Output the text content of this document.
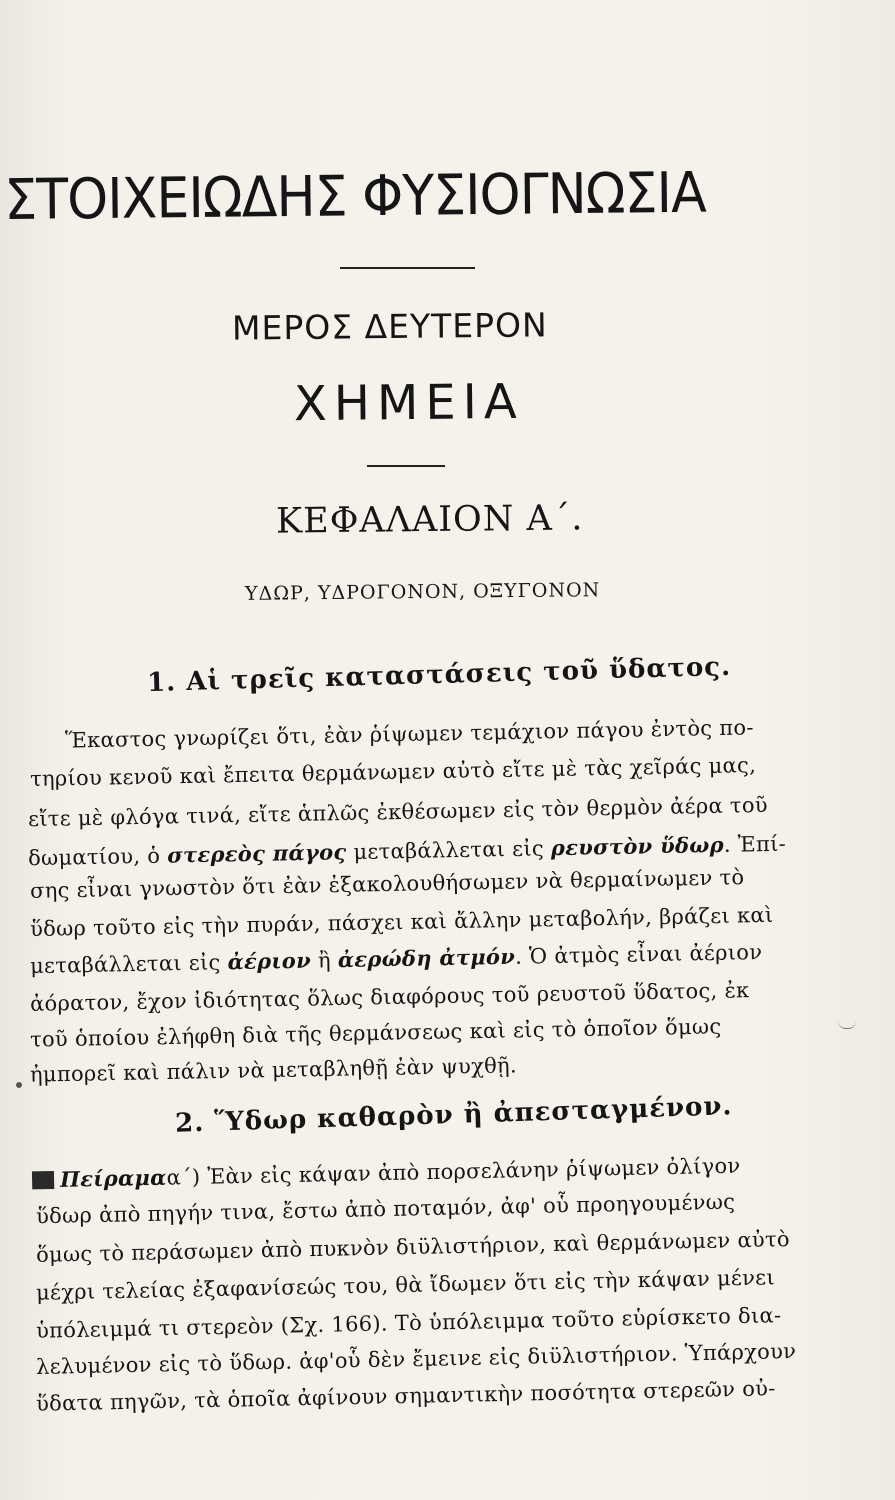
ΣΤΟΙΧΕΙΩΔΗΣ ΦΥΣΙΟΓΝΩΣΙΑ
ΜΕΡΟΣ ΔΕΥΤΕΡΟΝ
ΧΗΜΕΙΑ
ΚΕΦΑΛΑΙΟΝ Α΄.
ΥΔΩΡ, ΥΔΡΟΓΟΝΟΝ, ΟΞΥΓΟΝΟΝ
1. Αἱ τρεῖς καταστάσεις τοῦ ὕδατος.
Ἕκαστος γνωρίζει ὅτι, ἐὰν ῥίψωμεν τεμάχιον πάγου ἐντὸς πο-
τηρίου κενοῦ καὶ ἔπειτα θερμάνωμεν αὐτὸ εἴτε μὲ τὰς χεῖράς μας,
εἴτε μὲ φλόγα τινά, εἴτε ἁπλῶς ἐκθέσωμεν εἰς τὸν θερμὸν ἀέρα τοῦ
δωματίου, ὁ στερεὸς πάγος μεταβάλλεται εἰς ρευστὸν ὕδωρ. Ἐπί-
σης εἶναι γνωστὸν ὅτι ἐὰν ἐξακολουθήσωμεν νὰ θερμαίνωμεν τὸ
ὕδωρ τοῦτο εἰς τὴν πυράν, πάσχει καὶ ἄλλην μεταβολήν, βράζει καὶ
μεταβάλλεται εἰς ἀέριον ἢ ἀερώδη ἀτμόν. Ὁ ἀτμὸς εἶναι ἀέριον
ἀόρατον, ἔχον ἰδιότητας ὅλως διαφόρους τοῦ ρευστοῦ ὕδατος, ἐκ
τοῦ ὁποίου ἐλήφθη διὰ τῆς θερμάνσεως καὶ εἰς τὸ ὁποῖον ὅμως
ἠμπορεῖ καὶ πάλιν νὰ μεταβληθῇ ἐὰν ψυχθῇ.
2. Ὕδωρ καθαρὸν ἢ ἀπεσταγμένον.
Πείραμαα΄) Ἐὰν εἰς κάψαν ἀπὸ πορσελάνην ῥίψωμεν ὀλίγον
ὕδωρ ἀπὸ πηγήν τινα, ἔστω ἀπὸ ποταμόν, ἀφ' οὗ προηγουμένως
ὅμως τὸ περάσωμεν ἀπὸ πυκνὸν διϋλιστήριον, καὶ θερμάνωμεν αὐτὸ
μέχρι τελείας ἐξαφανίσεώς του, θὰ ἴδωμεν ὅτι εἰς τὴν κάψαν μένει
ὑπόλειμμά τι στερεὸν (Σχ. 166). Τὸ ὑπόλειμμα τοῦτο εὑρίσκετο δια-
λελυμένον εἰς τὸ ὕδωρ. ἀφ'οὗ δὲν ἔμεινε εἰς διϋλιστήριον. Ὑπάρχουν
ὕδατα πηγῶν, τὰ ὁποῖα ἀφίνουν σημαντικὴν ποσότητα στερεῶν οὐ-
